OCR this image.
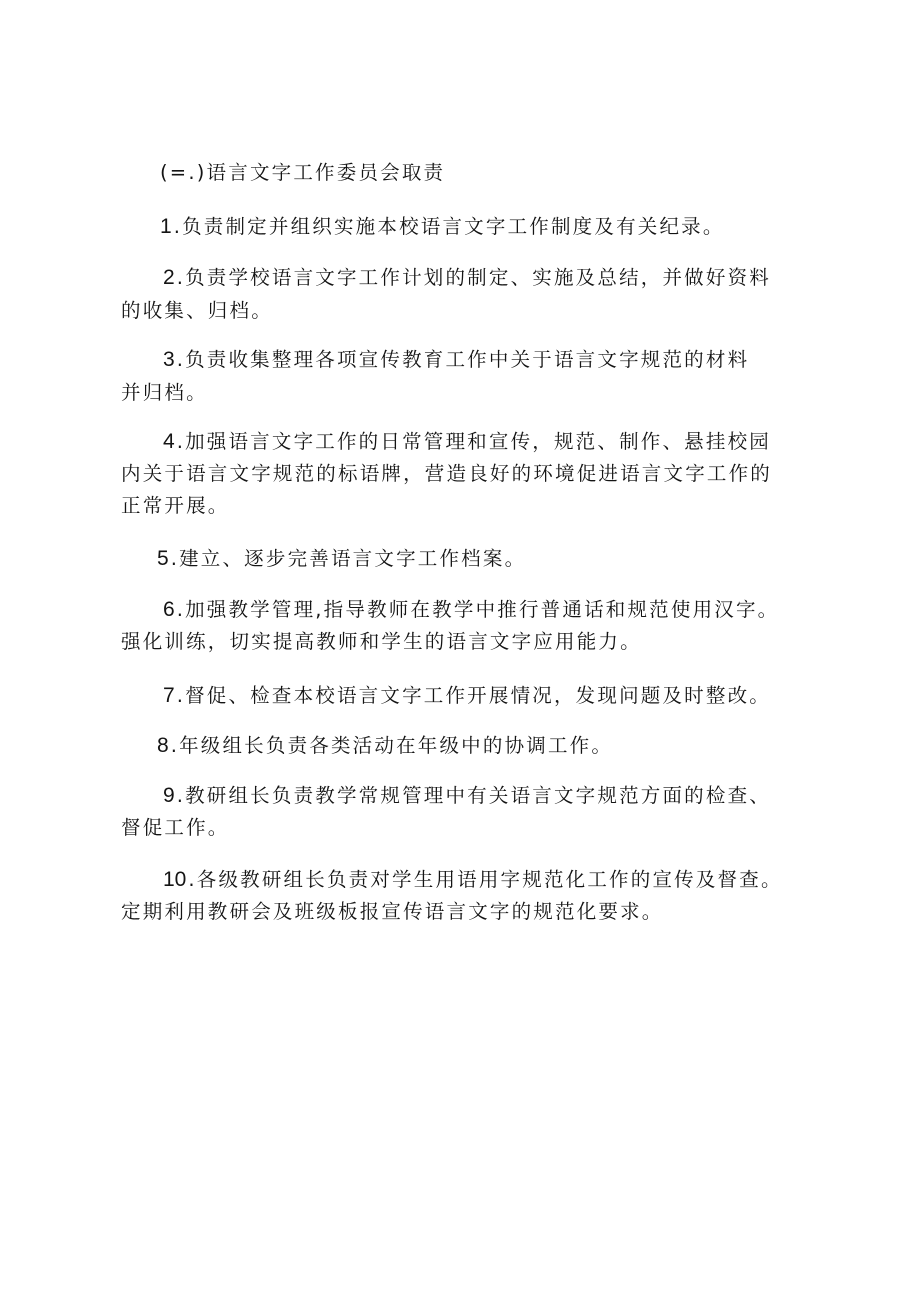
(=.)语言文字工作委员会取责

1 .负责制定并组织实施本校语言文字工作制度及有关纪录。

2 .负责学校语言文字工作计划的制定、实施及总结，并做好资料

的收集、归档。

3 .负责收集整理各项宣传教育工作中关于语言文字规范的材料

并归档。

4 .加强语言文字工作的日常管理和宣传，规范、制作、悬挂校园

内关于语言文字规范的标语牌，营造良好的环境促进语言文字工作的

正常开展。

5 .建立、逐步完善语言文字工作档案。

6 .加强教学管理,指导教师在教学中推行普通话和规范使用汉字。

强化训练，切实提高教师和学生的语言文字应用能力。

7 .督促、检查本校语言文字工作开展情况，发现问题及时整改。

8 .年级组长负责各类活动在年级中的协调工作。

9 .教研组长负责教学常规管理中有关语言文字规范方面的检查、

督促工作。

10 .各级教研组长负责对学生用语用字规范化工作的宣传及督查。

定期利用教研会及班级板报宣传语言文字的规范化要求。
